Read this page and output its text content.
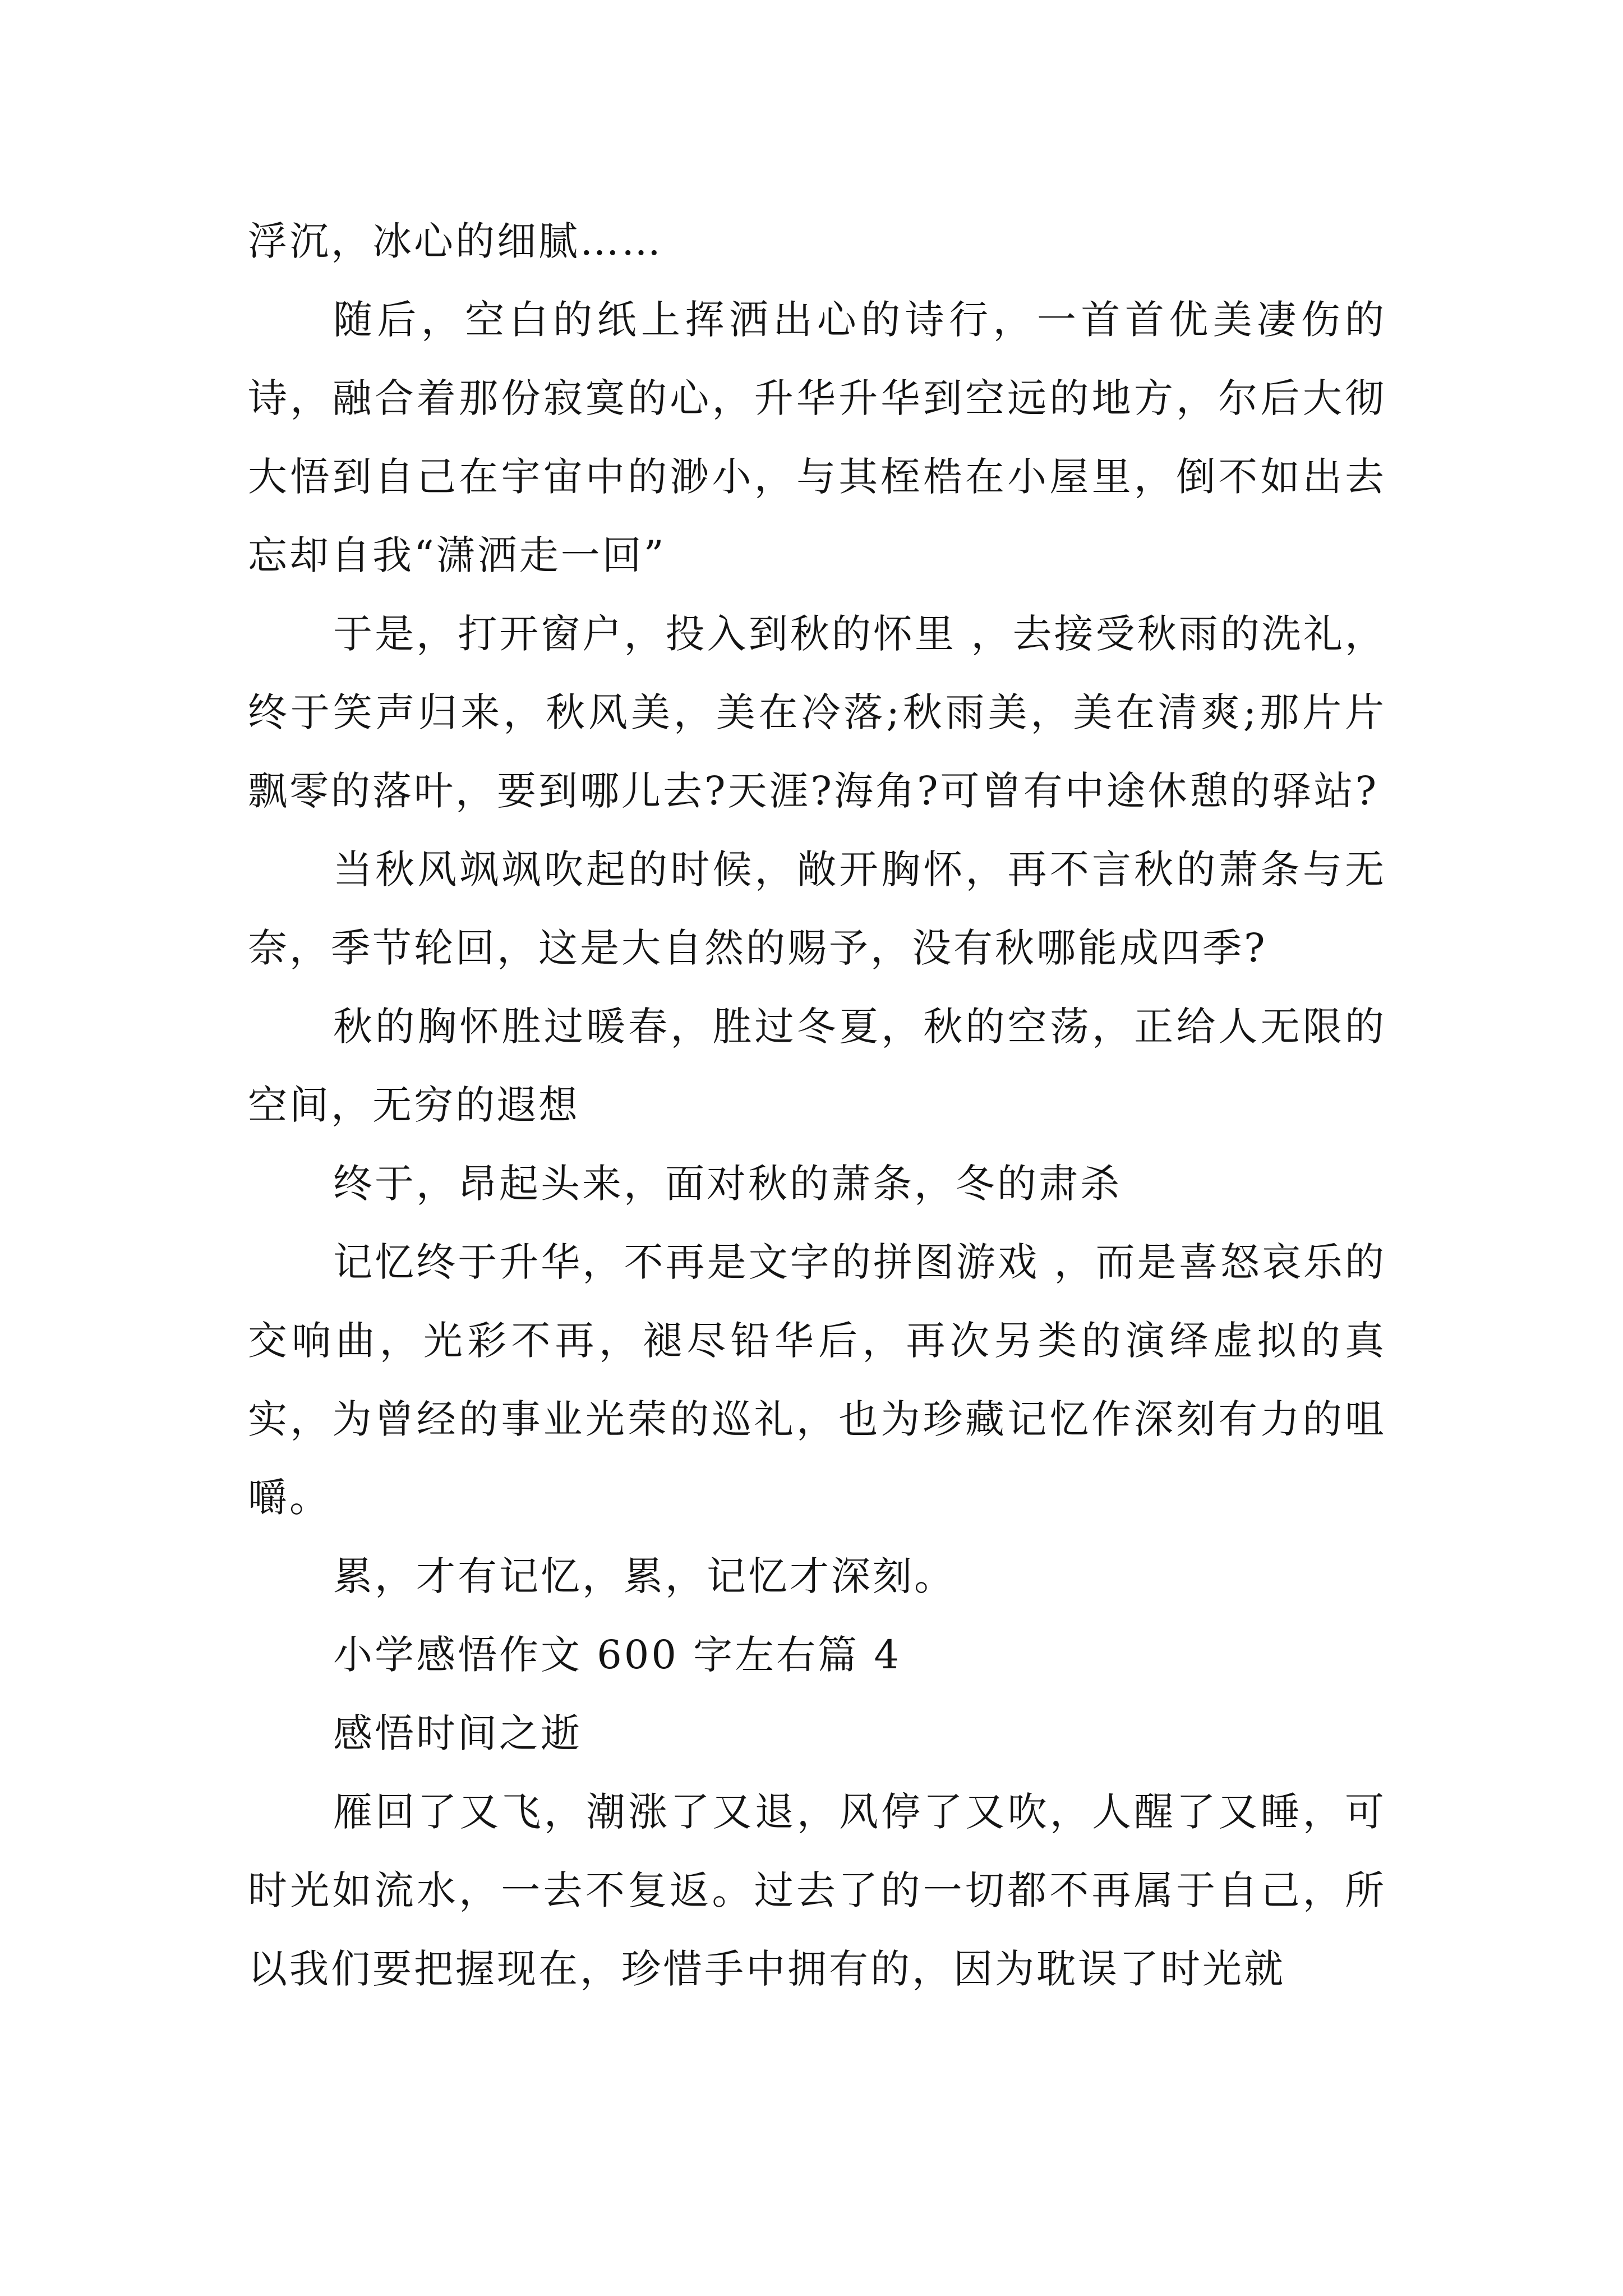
浮沉，冰心的细腻……

随后，空白的纸上挥洒出心的诗行，一首首优美凄伤的诗，融合着那份寂寞的心，升华升华到空远的地方，尔后大彻大悟到自己在宇宙中的渺小，与其桎梏在小屋里，倒不如出去忘却自我“潇洒走一回”

于是，打开窗户，投入到秋的怀里 ，去接受秋雨的洗礼，终于笑声归来，秋风美，美在冷落;秋雨美，美在清爽;那片片飘零的落叶，要到哪儿去?天涯?海角?可曾有中途休憩的驿站?

当秋风飒飒吹起的时候，敞开胸怀，再不言秋的萧条与无奈，季节轮回，这是大自然的赐予，没有秋哪能成四季?

秋的胸怀胜过暖春，胜过冬夏，秋的空荡，正给人无限的空间，无穷的遐想

终于，昂起头来，面对秋的萧条，冬的肃杀

记忆终于升华，不再是文字的拼图游戏 ，而是喜怒哀乐的交响曲，光彩不再，褪尽铅华后，再次另类的演绎虚拟的真实，为曾经的事业光荣的巡礼，也为珍藏记忆作深刻有力的咀嚼。

累，才有记忆，累，记忆才深刻。

小学感悟作文 600 字左右篇 4

感悟时间之逝

雁回了又飞，潮涨了又退，风停了又吹，人醒了又睡，可时光如流水，一去不复返。过去了的一切都不再属于自己，所以我们要把握现在，珍惜手中拥有的，因为耽误了时光就
